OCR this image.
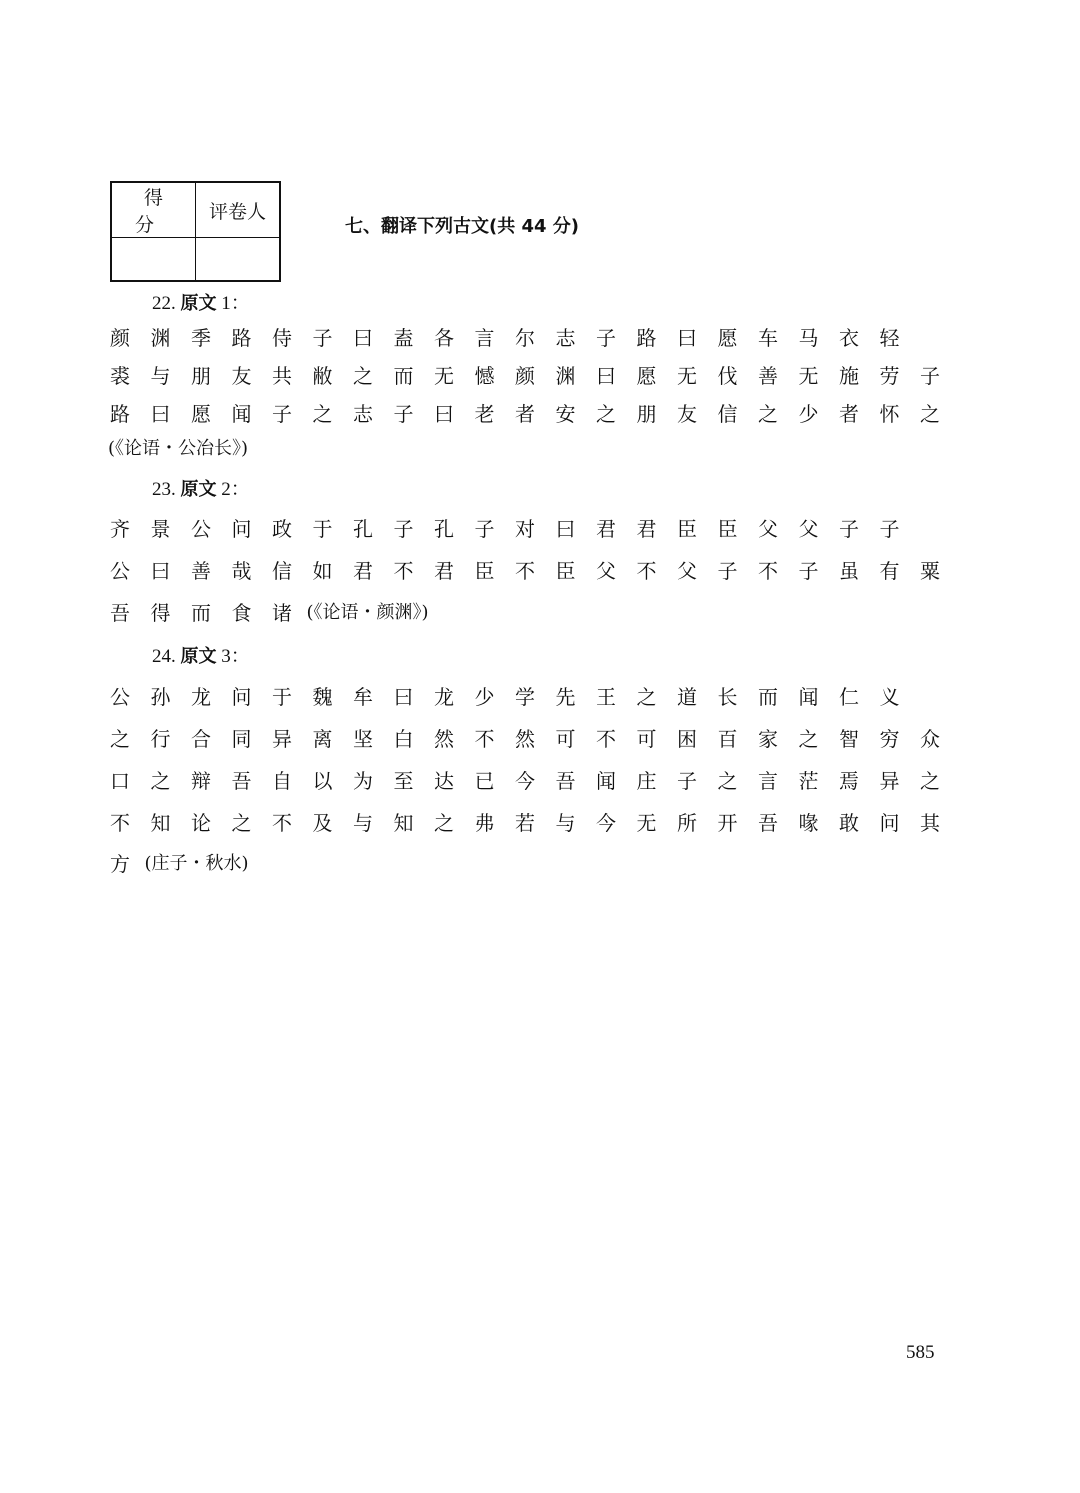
得 分	评卷人

七、翻译下列古文(共 44 分)
22. 原文 1：
颜	渊	季	路	侍	子	曰	盍	各	言	尔	志	子	路	曰	愿	车	马	衣	轻
裘	与	朋	友	共	敝	之	而	无	憾	颜	渊	曰	愿	无	伐	善	无	施	劳	子
路	曰	愿	闻	子	之	志	子	曰	老	者	安	之	朋	友	信	之	少	者	怀	之
(《论语・公冶长》)
23. 原文 2：
齐	景	公	问	政	于	孔	子	孔	子	对	曰	君	君	臣	臣	父	父	子	子
公	曰	善	哉	信	如	君	不	君	臣	不	臣	父	不	父	子	不	子	虽	有	粟
吾	得	而	食	诸 (《论语・颜渊》)
24. 原文 3：
公	孙	龙	问	于	魏	牟	曰	龙	少	学	先	王	之	道	长	而	闻	仁	义
之	行	合	同	异	离	坚	白	然	不	然	可	不	可	困	百	家	之	智	穷	众
口	之	辩	吾	自	以	为	至	达	已	今	吾	闻	庄	子	之	言	茫	焉	异	之
不	知	论	之	不	及	与	知	之	弗	若	与	今	无	所	开	吾	喙	敢	问	其
方 (庄子・秋水)
585
